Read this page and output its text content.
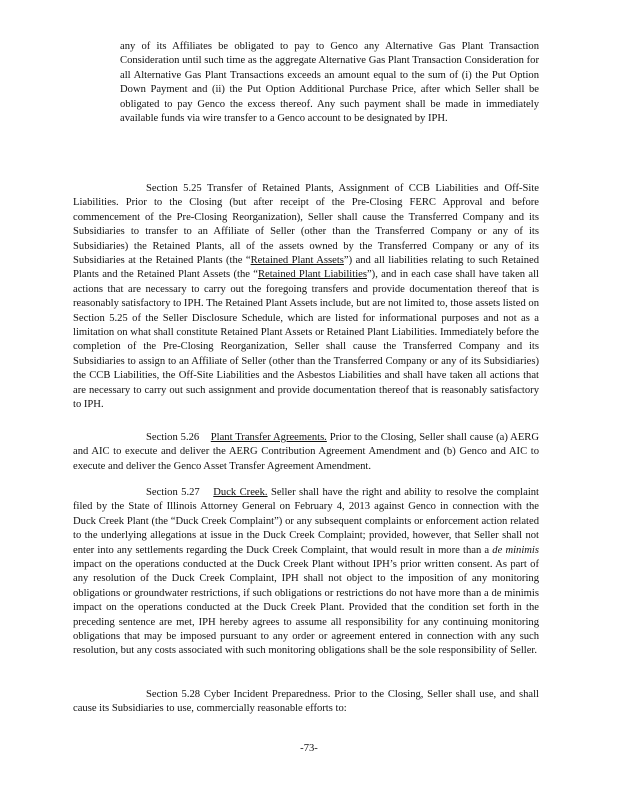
any of its Affiliates be obligated to pay to Genco any Alternative Gas Plant Transaction Consideration until such time as the aggregate Alternative Gas Plant Transaction Consideration for all Alternative Gas Plant Transactions exceeds an amount equal to the sum of (i) the Put Option Down Payment and (ii) the Put Option Additional Purchase Price, after which Seller shall be obligated to pay Genco the excess thereof. Any such payment shall be made in immediately available funds via wire transfer to a Genco account to be designated by IPH.

Section 5.25 Transfer of Retained Plants, Assignment of CCB Liabilities and Off-Site Liabilities. Prior to the Closing (but after receipt of the Pre-Closing FERC Approval and before commencement of the Pre-Closing Reorganization), Seller shall cause the Transferred Company and its Subsidiaries to transfer to an Affiliate of Seller (other than the Transferred Company or any of its Subsidiaries) the Retained Plants, all of the assets owned by the Transferred Company or any of its Subsidiaries at the Retained Plants (the “Retained Plant Assets”) and all liabilities relating to such Retained Plants and the Retained Plant Assets (the “Retained Plant Liabilities”), and in each case shall have taken all actions that are necessary to carry out the foregoing transfers and provide documentation thereof that is reasonably satisfactory to IPH. The Retained Plant Assets include, but are not limited to, those assets listed on Section 5.25 of the Seller Disclosure Schedule, which are listed for informational purposes and not as a limitation on what shall constitute Retained Plant Assets or Retained Plant Liabilities. Immediately before the completion of the Pre-Closing Reorganization, Seller shall cause the Transferred Company and its Subsidiaries to assign to an Affiliate of Seller (other than the Transferred Company or any of its Subsidiaries) the CCB Liabilities, the Off-Site Liabilities and the Asbestos Liabilities and shall have taken all actions that are necessary to carry out such assignment and provide documentation thereof that is reasonably satisfactory to IPH.

Section 5.26 Plant Transfer Agreements. Prior to the Closing, Seller shall cause (a) AERG and AIC to execute and deliver the AERG Contribution Agreement Amendment and (b) Genco and AIC to execute and deliver the Genco Asset Transfer Agreement Amendment.

Section 5.27 Duck Creek. Seller shall have the right and ability to resolve the complaint filed by the State of Illinois Attorney General on February 4, 2013 against Genco in connection with the Duck Creek Plant (the “Duck Creek Complaint”) or any subsequent complaints or enforcement action related to the underlying allegations at issue in the Duck Creek Complaint; provided, however, that Seller shall not enter into any settlements regarding the Duck Creek Complaint, that would result in more than a de minimis impact on the operations conducted at the Duck Creek Plant without IPH’s prior written consent. As part of any resolution of the Duck Creek Complaint, IPH shall not object to the imposition of any monitoring obligations or groundwater restrictions, if such obligations or restrictions do not have more than a de minimis impact on the operations conducted at the Duck Creek Plant. Provided that the condition set forth in the preceding sentence are met, IPH hereby agrees to assume all responsibility for any continuing monitoring obligations that may be imposed pursuant to any order or agreement entered in connection with any such resolution, but any costs associated with such monitoring obligations shall be the sole responsibility of Seller.

Section 5.28 Cyber Incident Preparedness. Prior to the Closing, Seller shall use, and shall cause its Subsidiaries to use, commercially reasonable efforts to:

-73-
